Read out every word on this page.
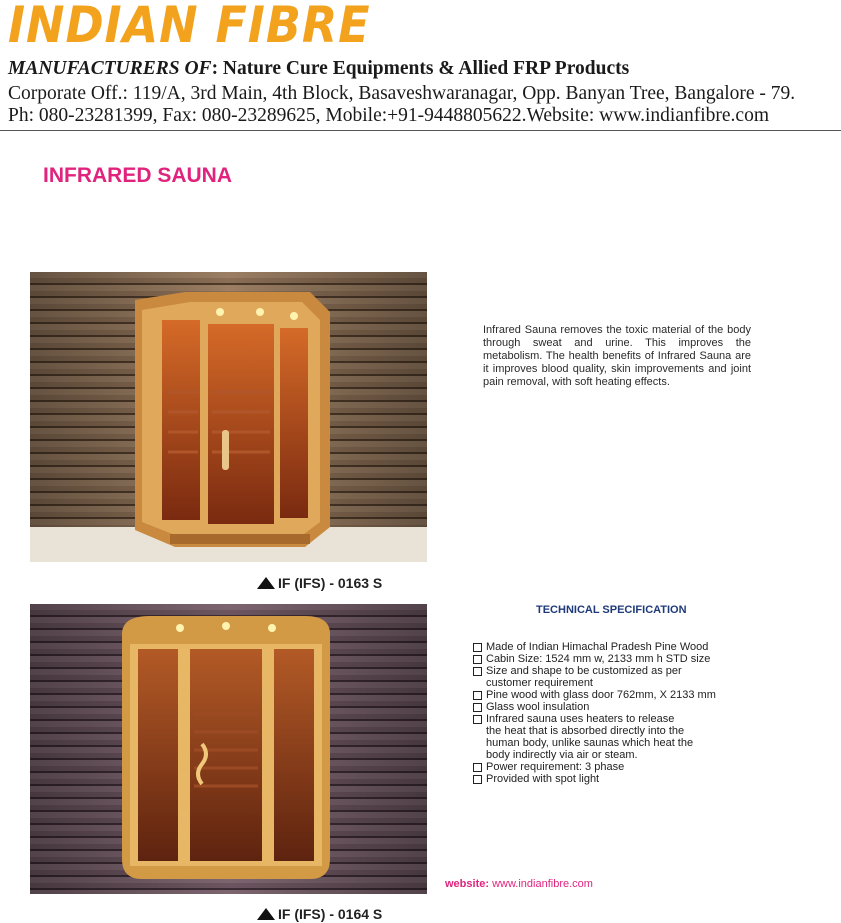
INDIAN FIBRE
MANUFACTURERS OF: Nature Cure Equipments & Allied FRP Products
Corporate Off.: 119/A, 3rd Main, 4th Block, Basaveshwaranagar, Opp. Banyan Tree, Bangalore - 79.
Ph: 080-23281399, Fax: 080-23289625, Mobile:+91-9448805622.Website: www.indianfibre.com
INFRARED SAUNA
IF (IFS) - 0163 S
IF (IFS) - 0164 S

Infrared Sauna removes the toxic material of the body through sweat and urine. This improves the metabolism. The health benefits of Infrared Sauna are it improves blood quality, skin improvements and joint pain removal, with soft heating effects.

TECHNICAL SPECIFICATION
Made of Indian Himachal Pradesh Pine Wood
Cabin Size: 1524 mm w, 2133 mm h STD size
Size and shape to be customized as per
customer requirement
Pine wood with glass door 762mm, X 2133 mm
Glass wool insulation
Infrared sauna uses heaters to release
the heat that is absorbed directly into the
human body, unlike saunas which heat the
body indirectly via air or steam.
Power requirement: 3 phase
Provided with spot light
website: www.indianfibre.com
